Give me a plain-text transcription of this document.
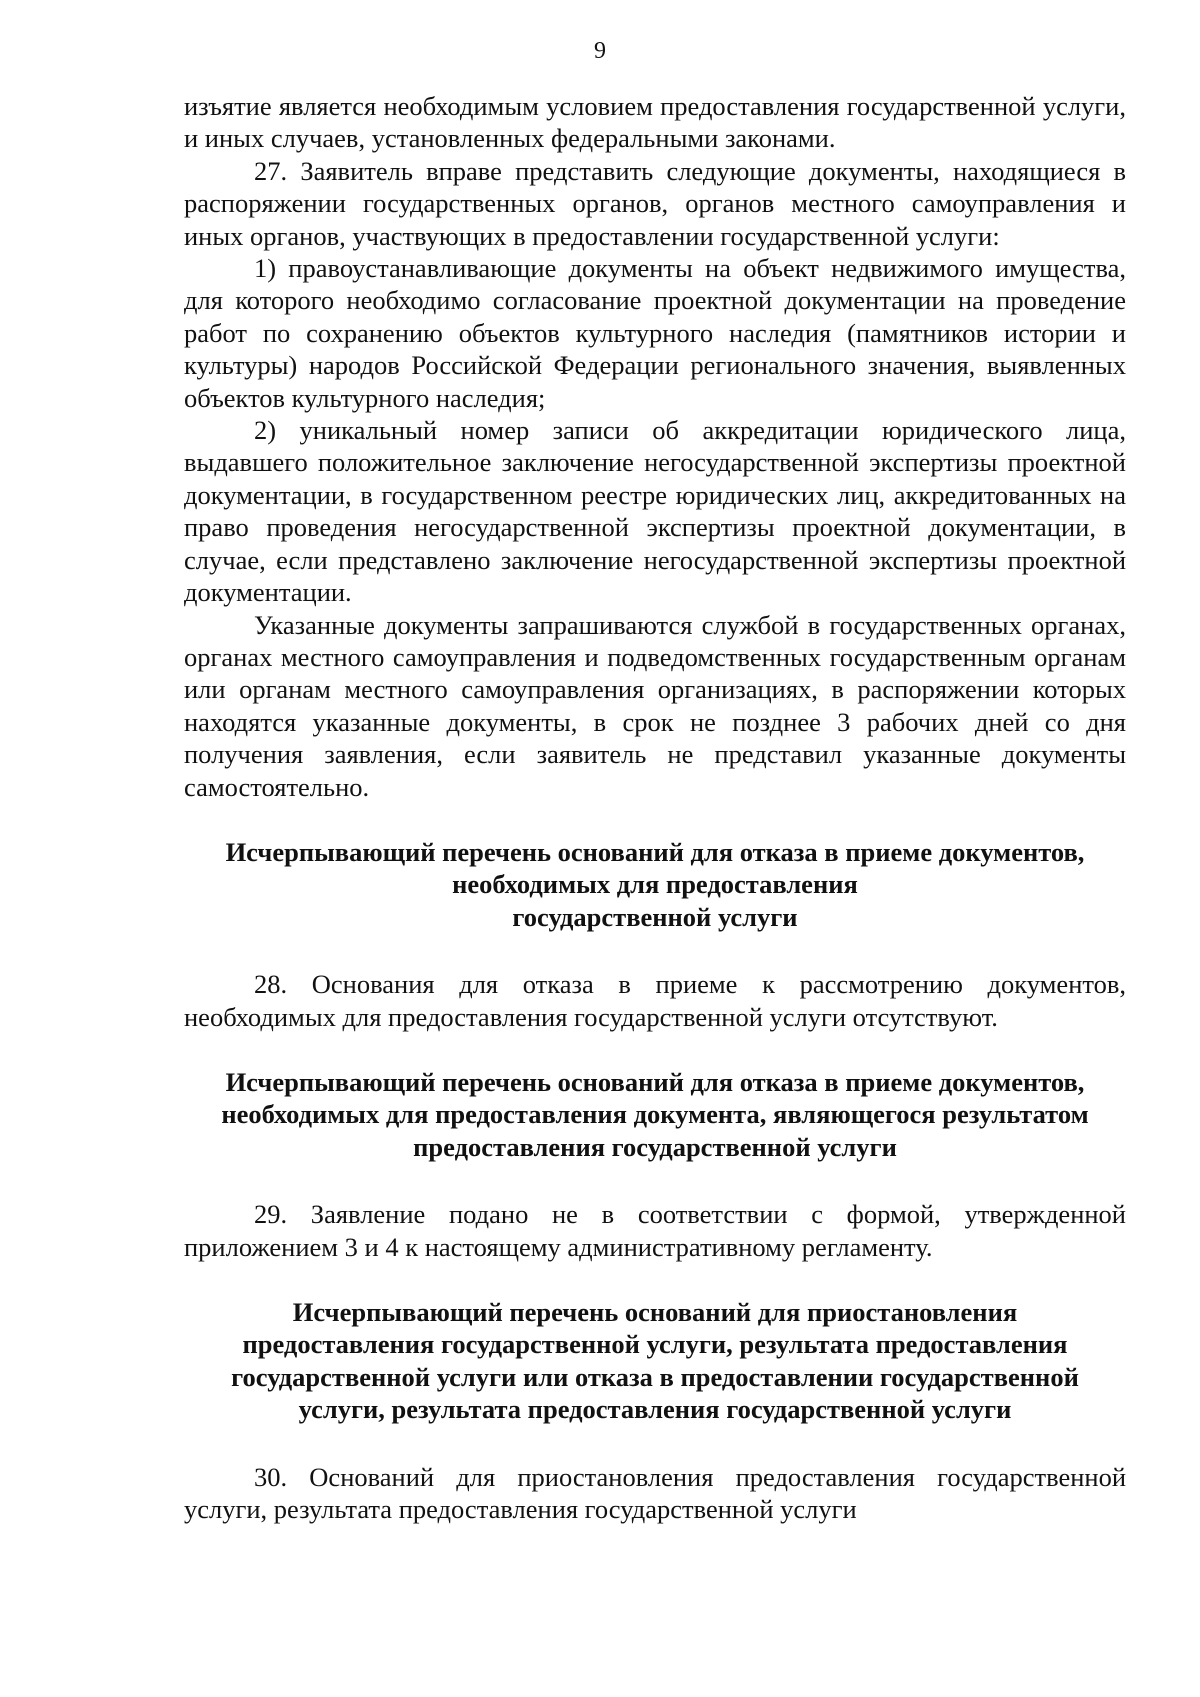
9

изъятие является необходимым условием предоставления государственной услуги, и иных случаев, установленных федеральными законами.

27. Заявитель вправе представить следующие документы, находящиеся в распоряжении государственных органов, органов местного самоуправления и иных органов, участвующих в предоставлении государственной услуги:

1) правоустанавливающие документы на объект недвижимого имущества, для которого необходимо согласование проектной документации на проведение работ по сохранению объектов культурного наследия (памятников истории и культуры) народов Российской Федерации регионального значения, выявленных объектов культурного наследия;

2) уникальный номер записи об аккредитации юридического лица, выдавшего положительное заключение негосударственной экспертизы проектной документации, в государственном реестре юридических лиц, аккредитованных на право проведения негосударственной экспертизы проектной документации, в случае, если представлено заключение негосударственной экспертизы проектной документации.

Указанные документы запрашиваются службой в государственных органах, органах местного самоуправления и подведомственных государственным органам или органам местного самоуправления организациях, в распоряжении которых находятся указанные документы, в срок не позднее 3 рабочих дней со дня получения заявления, если заявитель не представил указанные документы самостоятельно.

Исчерпывающий перечень оснований для отказа в приеме документов,
необходимых для предоставления
государственной услуги

28. Основания для отказа в приеме к рассмотрению документов, необходимых для предоставления государственной услуги отсутствуют.

Исчерпывающий перечень оснований для отказа в приеме документов,
необходимых для предоставления документа, являющегося результатом
предоставления государственной услуги

29. Заявление подано не в соответствии с формой, утвержденной приложением 3 и 4 к настоящему административному регламенту.

Исчерпывающий перечень оснований для приостановления
предоставления государственной услуги, результата предоставления
государственной услуги или отказа в предоставлении государственной
услуги, результата предоставления государственной услуги

30. Оснований для приостановления предоставления государственной услуги, результата предоставления государственной услуги
